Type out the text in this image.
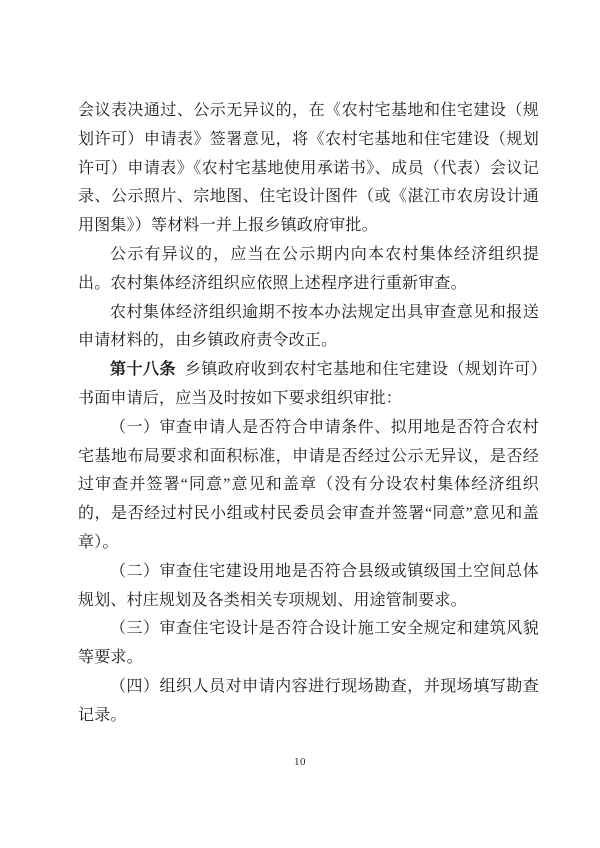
会议表决通过、公示无异议的，在《农村宅基地和住宅建设（规划许可）申请表》签署意见，将《农村宅基地和住宅建设（规划许可）申请表》《农村宅基地使用承诺书》、成员（代表）会议记录、公示照片、宗地图、住宅设计图件（或《湛江市农房设计通用图集》）等材料一并上报乡镇政府审批。

公示有异议的，应当在公示期内向本农村集体经济组织提出。农村集体经济组织应依照上述程序进行重新审查。

农村集体经济组织逾期不按本办法规定出具审查意见和报送申请材料的，由乡镇政府责令改正。

第十八条 乡镇政府收到农村宅基地和住宅建设（规划许可）书面申请后，应当及时按如下要求组织审批：

（一）审查申请人是否符合申请条件、拟用地是否符合农村宅基地布局要求和面积标准，申请是否经过公示无异议，是否经过审查并签署“同意”意见和盖章（没有分设农村集体经济组织的，是否经过村民小组或村民委员会审查并签署“同意”意见和盖章）。

（二）审查住宅建设用地是否符合县级或镇级国土空间总体规划、村庄规划及各类相关专项规划、用途管制要求。

（三）审查住宅设计是否符合设计施工安全规定和建筑风貌等要求。

（四）组织人员对申请内容进行现场勘查，并现场填写勘查记录。

10
